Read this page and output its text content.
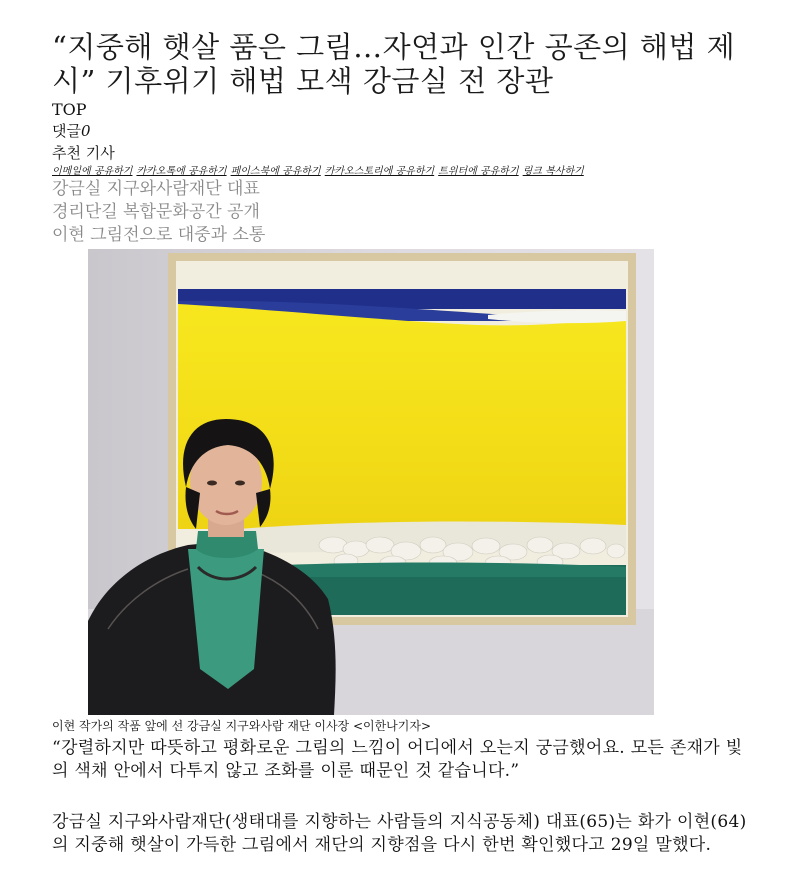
“지중해 햇살 품은 그림…자연과 인간 공존의 해법 제시” 기후위기 해법 모색 강금실 전 장관
TOP
댓글0
추천 기사
이메일에 공유하기 카카오톡에 공유하기 페이스북에 공유하기 카카오스토리에 공유하기 트위터에 공유하기 링크 복사하기
강금실 지구와사람재단 대표
경리단길 복합문화공간 공개
이현 그림전으로 대중과 소통
이현 작가의 작품 앞에 선 강금실 지구와사람 재단 이사장 <이한나기자>
“강렬하지만 따뜻하고 평화로운 그림의 느낌이 어디에서 오는지 궁금했어요. 모든 존재가 빛의 색채 안에서 다투지 않고 조화를 이룬 때문인 것 같습니다.”
강금실 지구와사람재단(생태대를 지향하는 사람들의 지식공동체) 대표(65)는 화가 이현(64)의 지중해 햇살이 가득한 그림에서 재단의 지향점을 다시 한번 확인했다고 29일 말했다.
